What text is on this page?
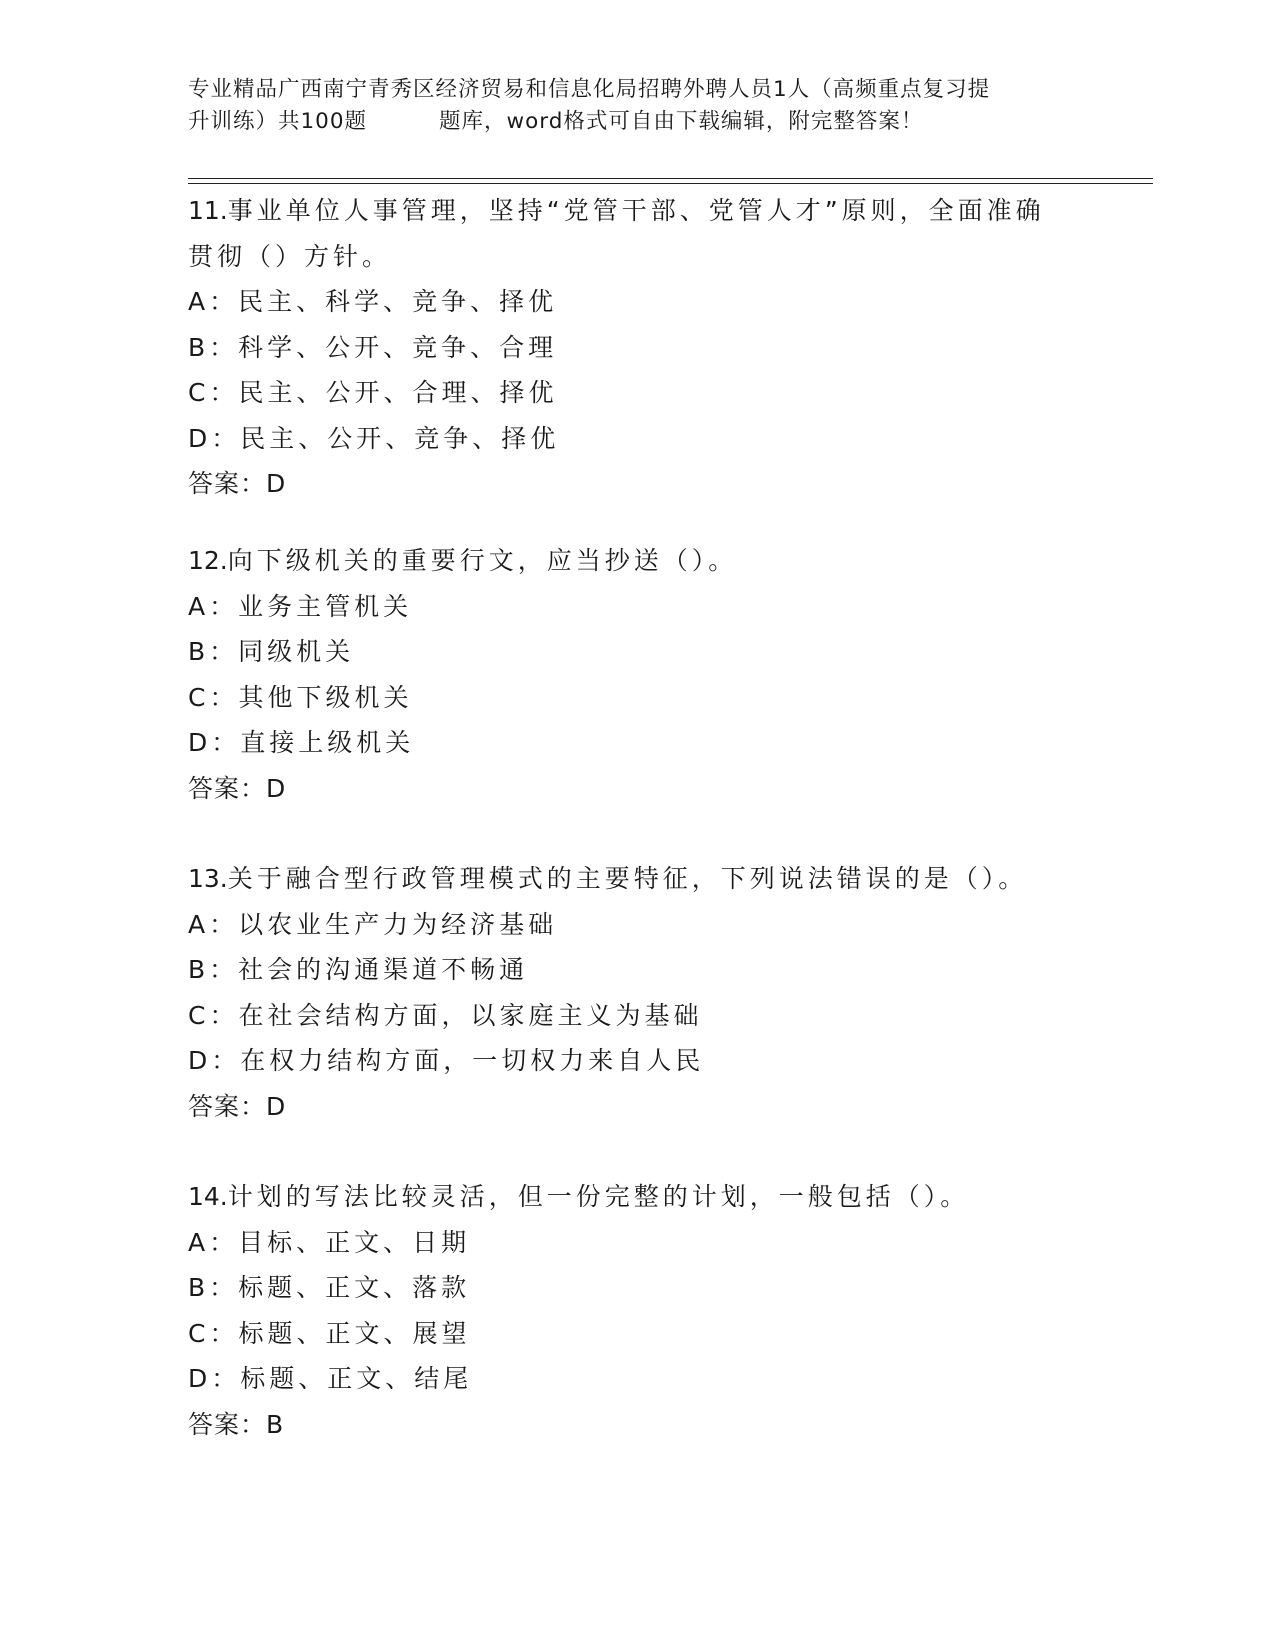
专业精品广西南宁青秀区经济贸易和信息化局招聘外聘人员1人（高频重点复习提
升训练）共100题	题库，word格式可自由下载编辑，附完整答案！

11.事业单位人事管理，坚持“党管干部、党管人才”原则，全面准确

贯彻（）方针。

A：民主、科学、竞争、择优

B：科学、公开、竞争、合理

C：民主、公开、合理、择优

D：民主、公开、竞争、择优

答案：D

12.向下级机关的重要行文，应当抄送（）。

A：业务主管机关

B：同级机关

C：其他下级机关

D：直接上级机关

答案：D

13.关于融合型行政管理模式的主要特征，下列说法错误的是（）。

A：以农业生产力为经济基础

B：社会的沟通渠道不畅通

C：在社会结构方面，以家庭主义为基础

D：在权力结构方面，一切权力来自人民

答案：D

14.计划的写法比较灵活，但一份完整的计划，一般包括（）。

A：目标、正文、日期

B：标题、正文、落款

C：标题、正文、展望

D：标题、正文、结尾

答案：B
